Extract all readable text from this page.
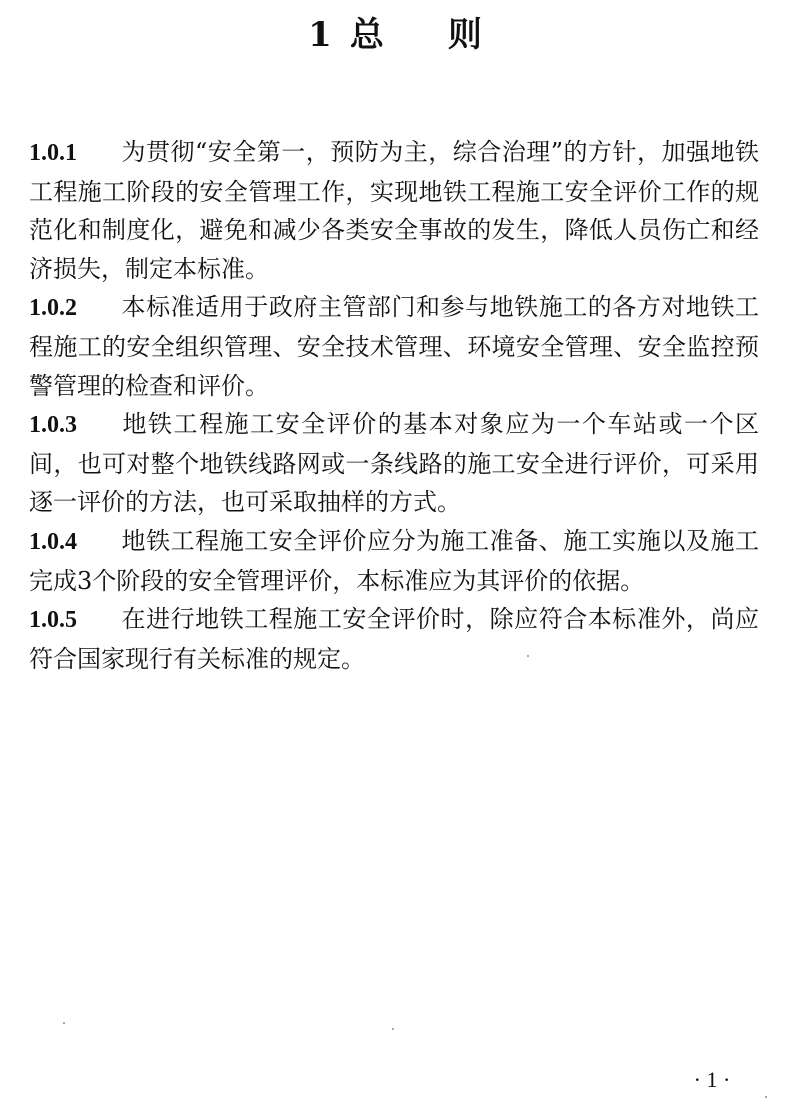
1 总 则

1.0.1 为贯彻“安全第一，预防为主，综合治理”的方针，加强地铁工程施工阶段的安全管理工作，实现地铁工程施工安全评价工作的规范化和制度化，避免和减少各类安全事故的发生，降低人员伤亡和经济损失，制定本标准。

1.0.2 本标准适用于政府主管部门和参与地铁施工的各方对地铁工程施工的安全组织管理、安全技术管理、环境安全管理、安全监控预警管理的检查和评价。

1.0.3 地铁工程施工安全评价的基本对象应为一个车站或一个区间，也可对整个地铁线路网或一条线路的施工安全进行评价，可采用逐一评价的方法，也可采取抽样的方式。

1.0.4 地铁工程施工安全评价应分为施工准备、施工实施以及施工完成3个阶段的安全管理评价，本标准应为其评价的依据。

1.0.5 在进行地铁工程施工安全评价时，除应符合本标准外，尚应符合国家现行有关标准的规定。

· 1 ·
